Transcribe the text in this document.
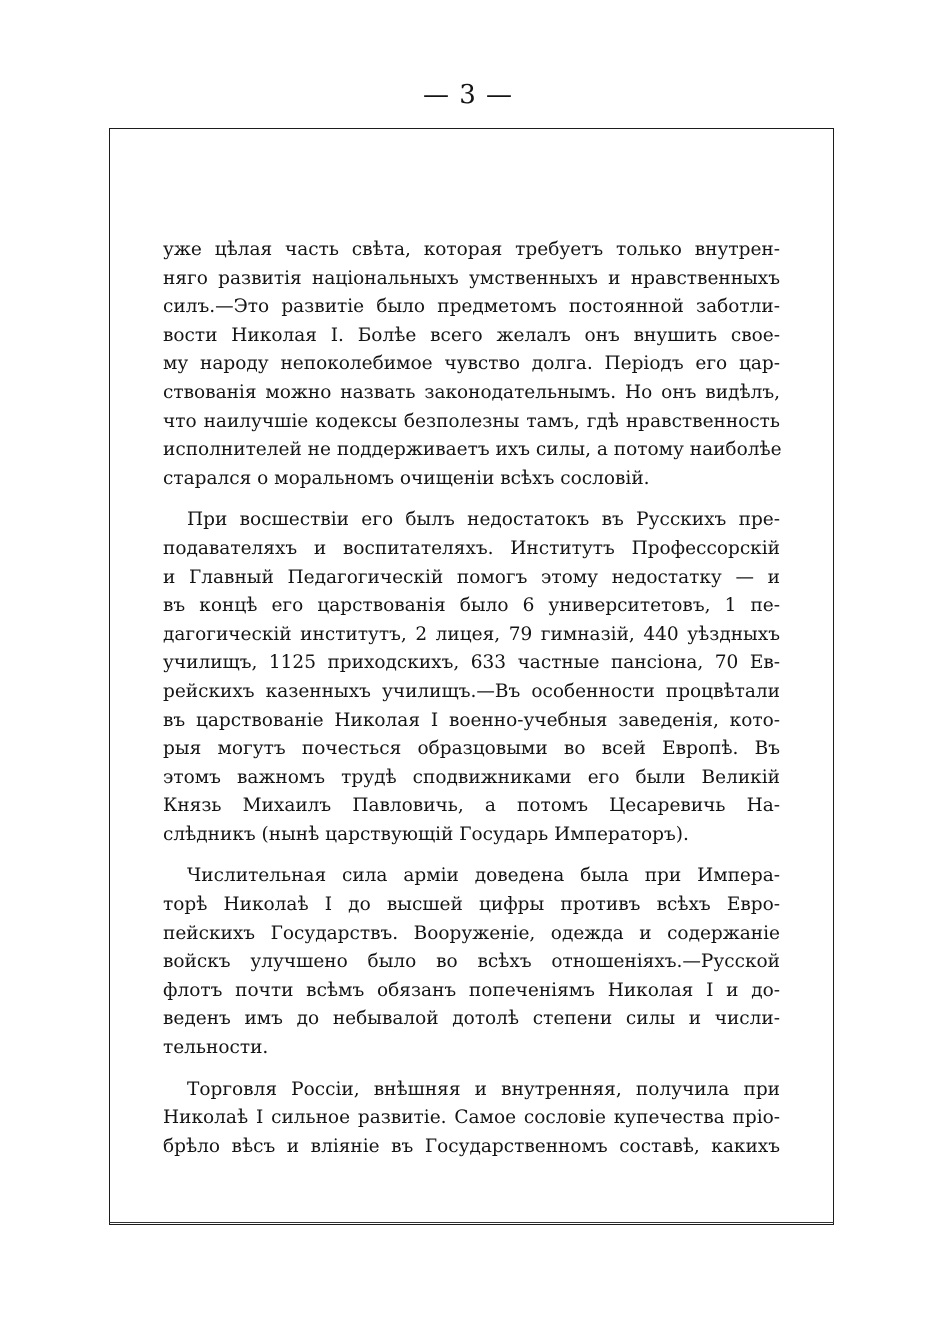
— 3 —
уже цѣлая часть свѣта, которая требуетъ только внутрен-
няго развитія національныхъ умственныхъ и нравственныхъ
силъ.—Это развитіе было предметомъ постоянной заботли-
вости Николая I. Болѣе всего желалъ онъ внушить свое-
му народу непоколебимое чувство долга. Періодъ его цар-
ствованія можно назвать законодательнымъ. Но онъ видѣлъ,
что наилучшіе кодексы безполезны тамъ, гдѣ нравственность
исполнителей не поддерживаетъ ихъ силы, а потому наиболѣе
старался о моральномъ очищеніи всѣхъ сословій.
При восшествіи его былъ недостатокъ въ Русскихъ пре-
подавателяхъ и воспитателяхъ. Институтъ Профессорскій
и Главный Педагогическій помогъ этому недостатку — и
въ концѣ его царствованія было 6 университетовъ, 1 пе-
дагогическій институтъ, 2 лицея, 79 гимназій, 440 уѣздныхъ
училищъ, 1125 приходскихъ, 633 частные пансіона, 70 Ев-
рейскихъ казенныхъ училищъ.—Въ особенности процвѣтали
въ царствованіе Николая I военно-учебныя заведенія, кото-
рыя могутъ почесться образцовыми во всей Европѣ. Въ
этомъ важномъ трудѣ сподвижниками его были Великій
Князь Михаилъ Павловичь, а потомъ Цесаревичь На-
слѣдникъ (нынѣ царствующій Государь Императоръ).
Числительная сила арміи доведена была при Импера-
торѣ Николаѣ I до высшей цифры противъ всѣхъ Евро-
пейскихъ Государствъ. Вооруженіе, одежда и содержаніе
войскъ улучшено было во всѣхъ отношеніяхъ.—Русской
флотъ почти всѣмъ обязанъ попеченіямъ Николая I и до-
веденъ имъ до небывалой дотолѣ степени силы и числи-
тельности.
Торговля Россіи, внѣшняя и внутренняя, получила при
Николаѣ I сильное развитіе. Самое сословіе купечества пріо-
брѣло вѣсъ и вліяніе въ Государственномъ составѣ, какихъ
